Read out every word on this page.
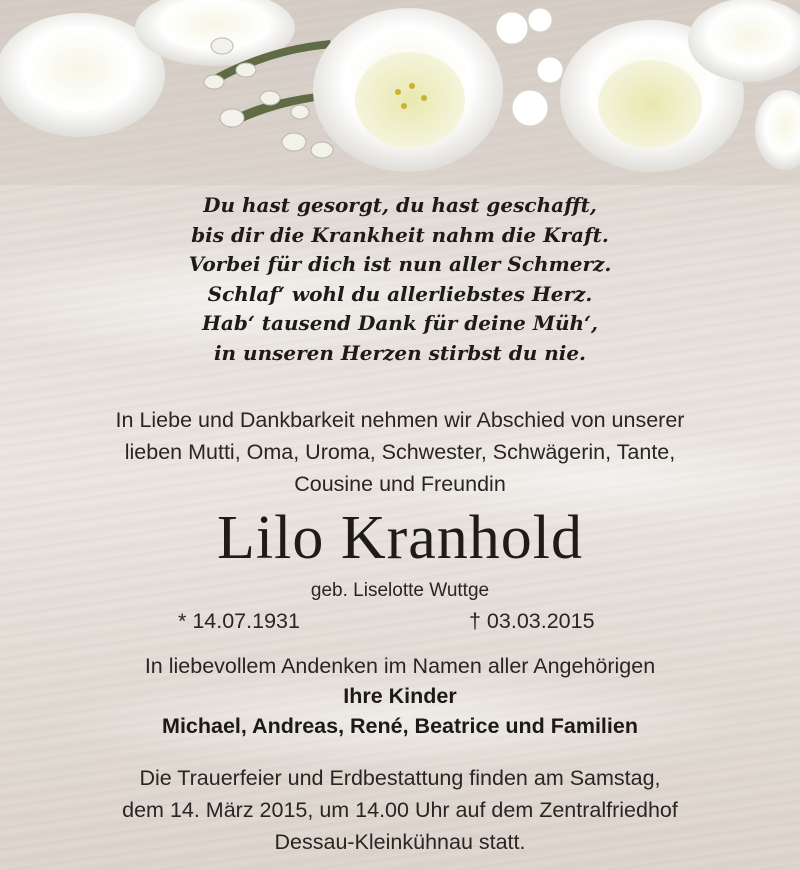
Du hast gesorgt, du hast geschafft,
bis dir die Krankheit nahm die Kraft.
Vorbei für dich ist nun aller Schmerz.
Schlaf‘ wohl du allerliebstes Herz.
Hab‘ tausend Dank für deine Müh‘,
in unseren Herzen stirbst du nie.
In Liebe und Dankbarkeit nehmen wir Abschied von unserer
lieben Mutti, Oma, Uroma, Schwester, Schwägerin, Tante,
Cousine und Freundin
Lilo Kranhold
geb. Liselotte Wuttge
* 14.07.1931	† 03.03.2015
In liebevollem Andenken im Namen aller Angehörigen
Ihre Kinder
Michael, Andreas, René, Beatrice und Familien
Die Trauerfeier und Erdbestattung finden am Samstag,
dem 14. März 2015, um 14.00 Uhr auf dem Zentralfriedhof
Dessau-Kleinkühnau statt.
